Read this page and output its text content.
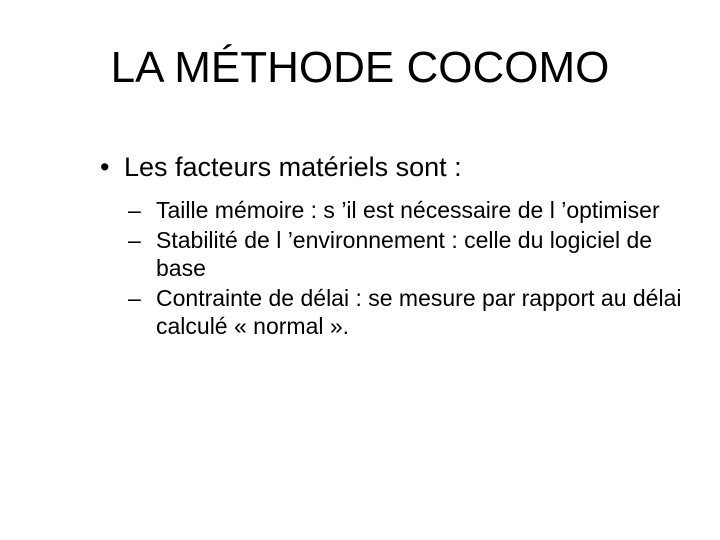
LA MÉTHODE COCOMO
• Les facteurs matériels sont :
– Taille mémoire : s ’il est nécessaire de l ’optimiser
– Stabilité de l ’environnement : celle du logiciel de base
– Contrainte de délai : se mesure par rapport au délai calculé « normal ».
